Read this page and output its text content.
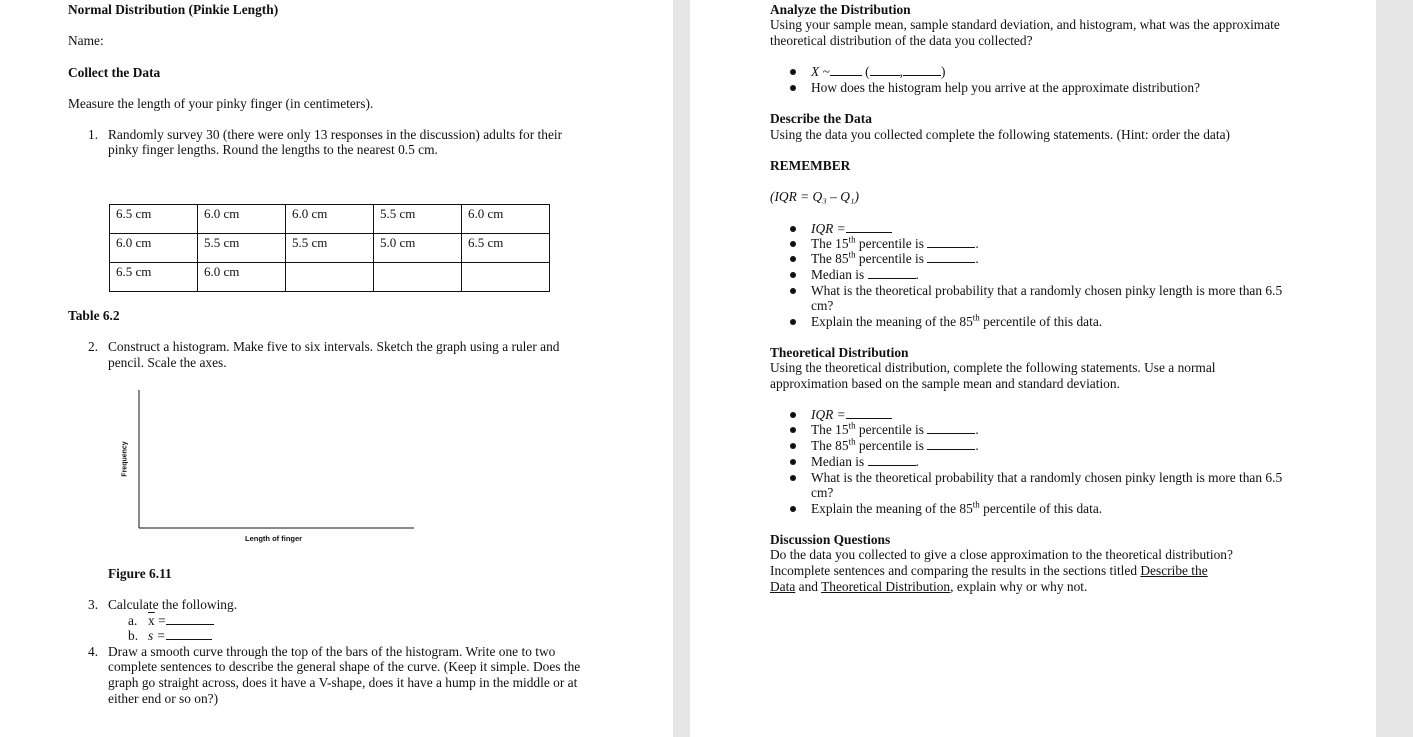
Normal Distribution (Pinkie Length)
Name:
Collect the Data
Measure the length of your pinky finger (in centimeters).
1. Randomly survey 30 (there were only 13 responses in the discussion) adults for their
pinky finger lengths. Round the lengths to the nearest 0.5 cm.
6.5 cm	6.0 cm	6.0 cm	5.5 cm	6.0 cm
6.0 cm	5.5 cm	5.5 cm	5.0 cm	6.5 cm
6.5 cm	6.0 cm			
Table 6.2
2. Construct a histogram. Make five to six intervals. Sketch the graph using a ruler and
pencil. Scale the axes.
Frequency
Length of finger
Figure 6.11
3. Calculate the following.
a. $\overline{x}$ =
b. s =
4. Draw a smooth curve through the top of the bars of the histogram. Write one to two
complete sentences to describe the general shape of the curve. (Keep it simple. Does the
graph go straight across, does it have a V-shape, does it have a hump in the middle or at
either end or so on?)
Analyze the Distribution
Using your sample mean, sample standard deviation, and histogram, what was the approximate
theoretical distribution of the data you collected?
X ~	( ,	)
How does the histogram help you arrive at the approximate distribution?
Describe the Data
Using the data you collected complete the following statements. (Hint: order the data)
REMEMBER
(IQR = Q₃ – Q₁)
IQR =
The 15th percentile is	.
The 85th percentile is	.
Median is	.
What is the theoretical probability that a randomly chosen pinky length is more than 6.5
cm?
Explain the meaning of the 85th percentile of this data.
Theoretical Distribution
Using the theoretical distribution, complete the following statements. Use a normal
approximation based on the sample mean and standard deviation.
IQR =
The 15th percentile is	.
The 85th percentile is	.
Median is	.
What is the theoretical probability that a randomly chosen pinky length is more than 6.5
cm?
Explain the meaning of the 85th percentile of this data.
Discussion Questions
Do the data you collected to give a close approximation to the theoretical distribution?
Incomplete sentences and comparing the results in the sections titled Describe the
Data and Theoretical Distribution, explain why or why not.
